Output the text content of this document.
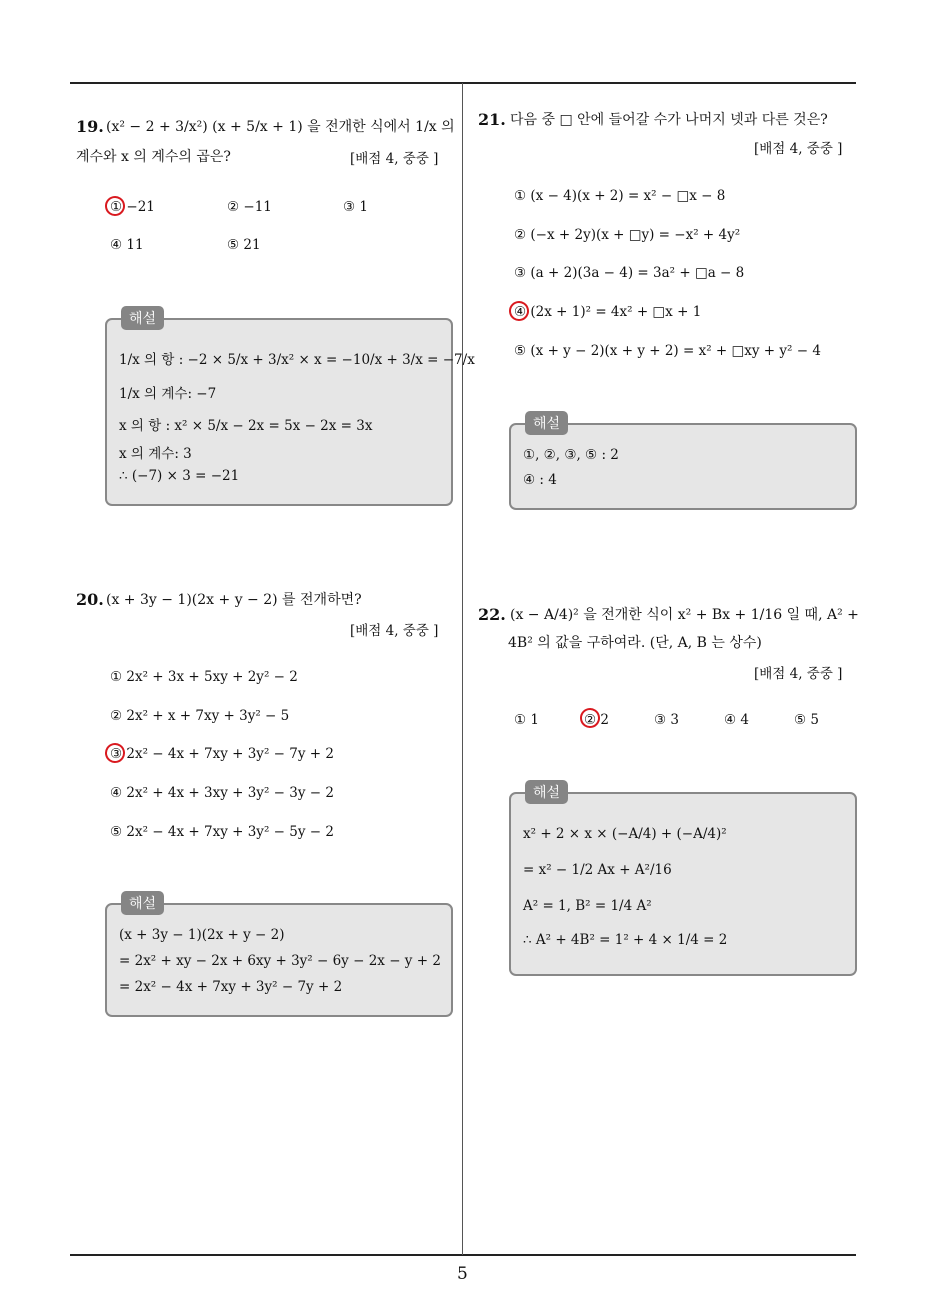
19. (x² − 2 + 3/x²) (x + 5/x + 1) 을 전개한 식에서 1/x 의
계수와 x 의 계수의 곱은?	[배점 4, 중중 ]
① −21	② −11	③ 1
④ 11	⑤ 21
해설
1/x 의 항 : −2 × 5/x + 3/x² × x = −10/x + 3/x = −7/x
1/x 의 계수: −7
x 의 항 : x² × 5/x − 2x = 5x − 2x = 3x
x 의 계수: 3
∴ (−7) × 3 = −21
20. (x + 3y − 1)(2x + y − 2) 를 전개하면?
[배점 4, 중중 ]
① 2x² + 3x + 5xy + 2y² − 2
② 2x² + x + 7xy + 3y² − 5
③ 2x² − 4x + 7xy + 3y² − 7y + 2
④ 2x² + 4x + 3xy + 3y² − 3y − 2
⑤ 2x² − 4x + 7xy + 3y² − 5y − 2
해설
(x + 3y − 1)(2x + y − 2)
= 2x² + xy − 2x + 6xy + 3y² − 6y − 2x − y + 2
= 2x² − 4x + 7xy + 3y² − 7y + 2
21. 다음 중 □ 안에 들어갈 수가 나머지 넷과 다른 것은?
[배점 4, 중중 ]
① (x − 4)(x + 2) = x² − □x − 8
② (−x + 2y)(x + □y) = −x² + 4y²
③ (a + 2)(3a − 4) = 3a² + □a − 8
④ (2x + 1)² = 4x² + □x + 1
⑤ (x + y − 2)(x + y + 2) = x² + □xy + y² − 4
해설
①, ②, ③, ⑤ : 2
④ : 4
22. (x − A/4)² 을 전개한 식이 x² + Bx + 1/16 일 때, A² +
4B² 의 값을 구하여라. (단, A, B 는 상수)
[배점 4, 중중 ]
① 1	② 2	③ 3	④ 4	⑤ 5
해설
x² + 2 × x × (−A/4) + (−A/4)²
= x² − 1/2 Ax + A²/16
A² = 1, B² = 1/4 A²
∴ A² + 4B² = 1² + 4 × 1/4 = 2
5
